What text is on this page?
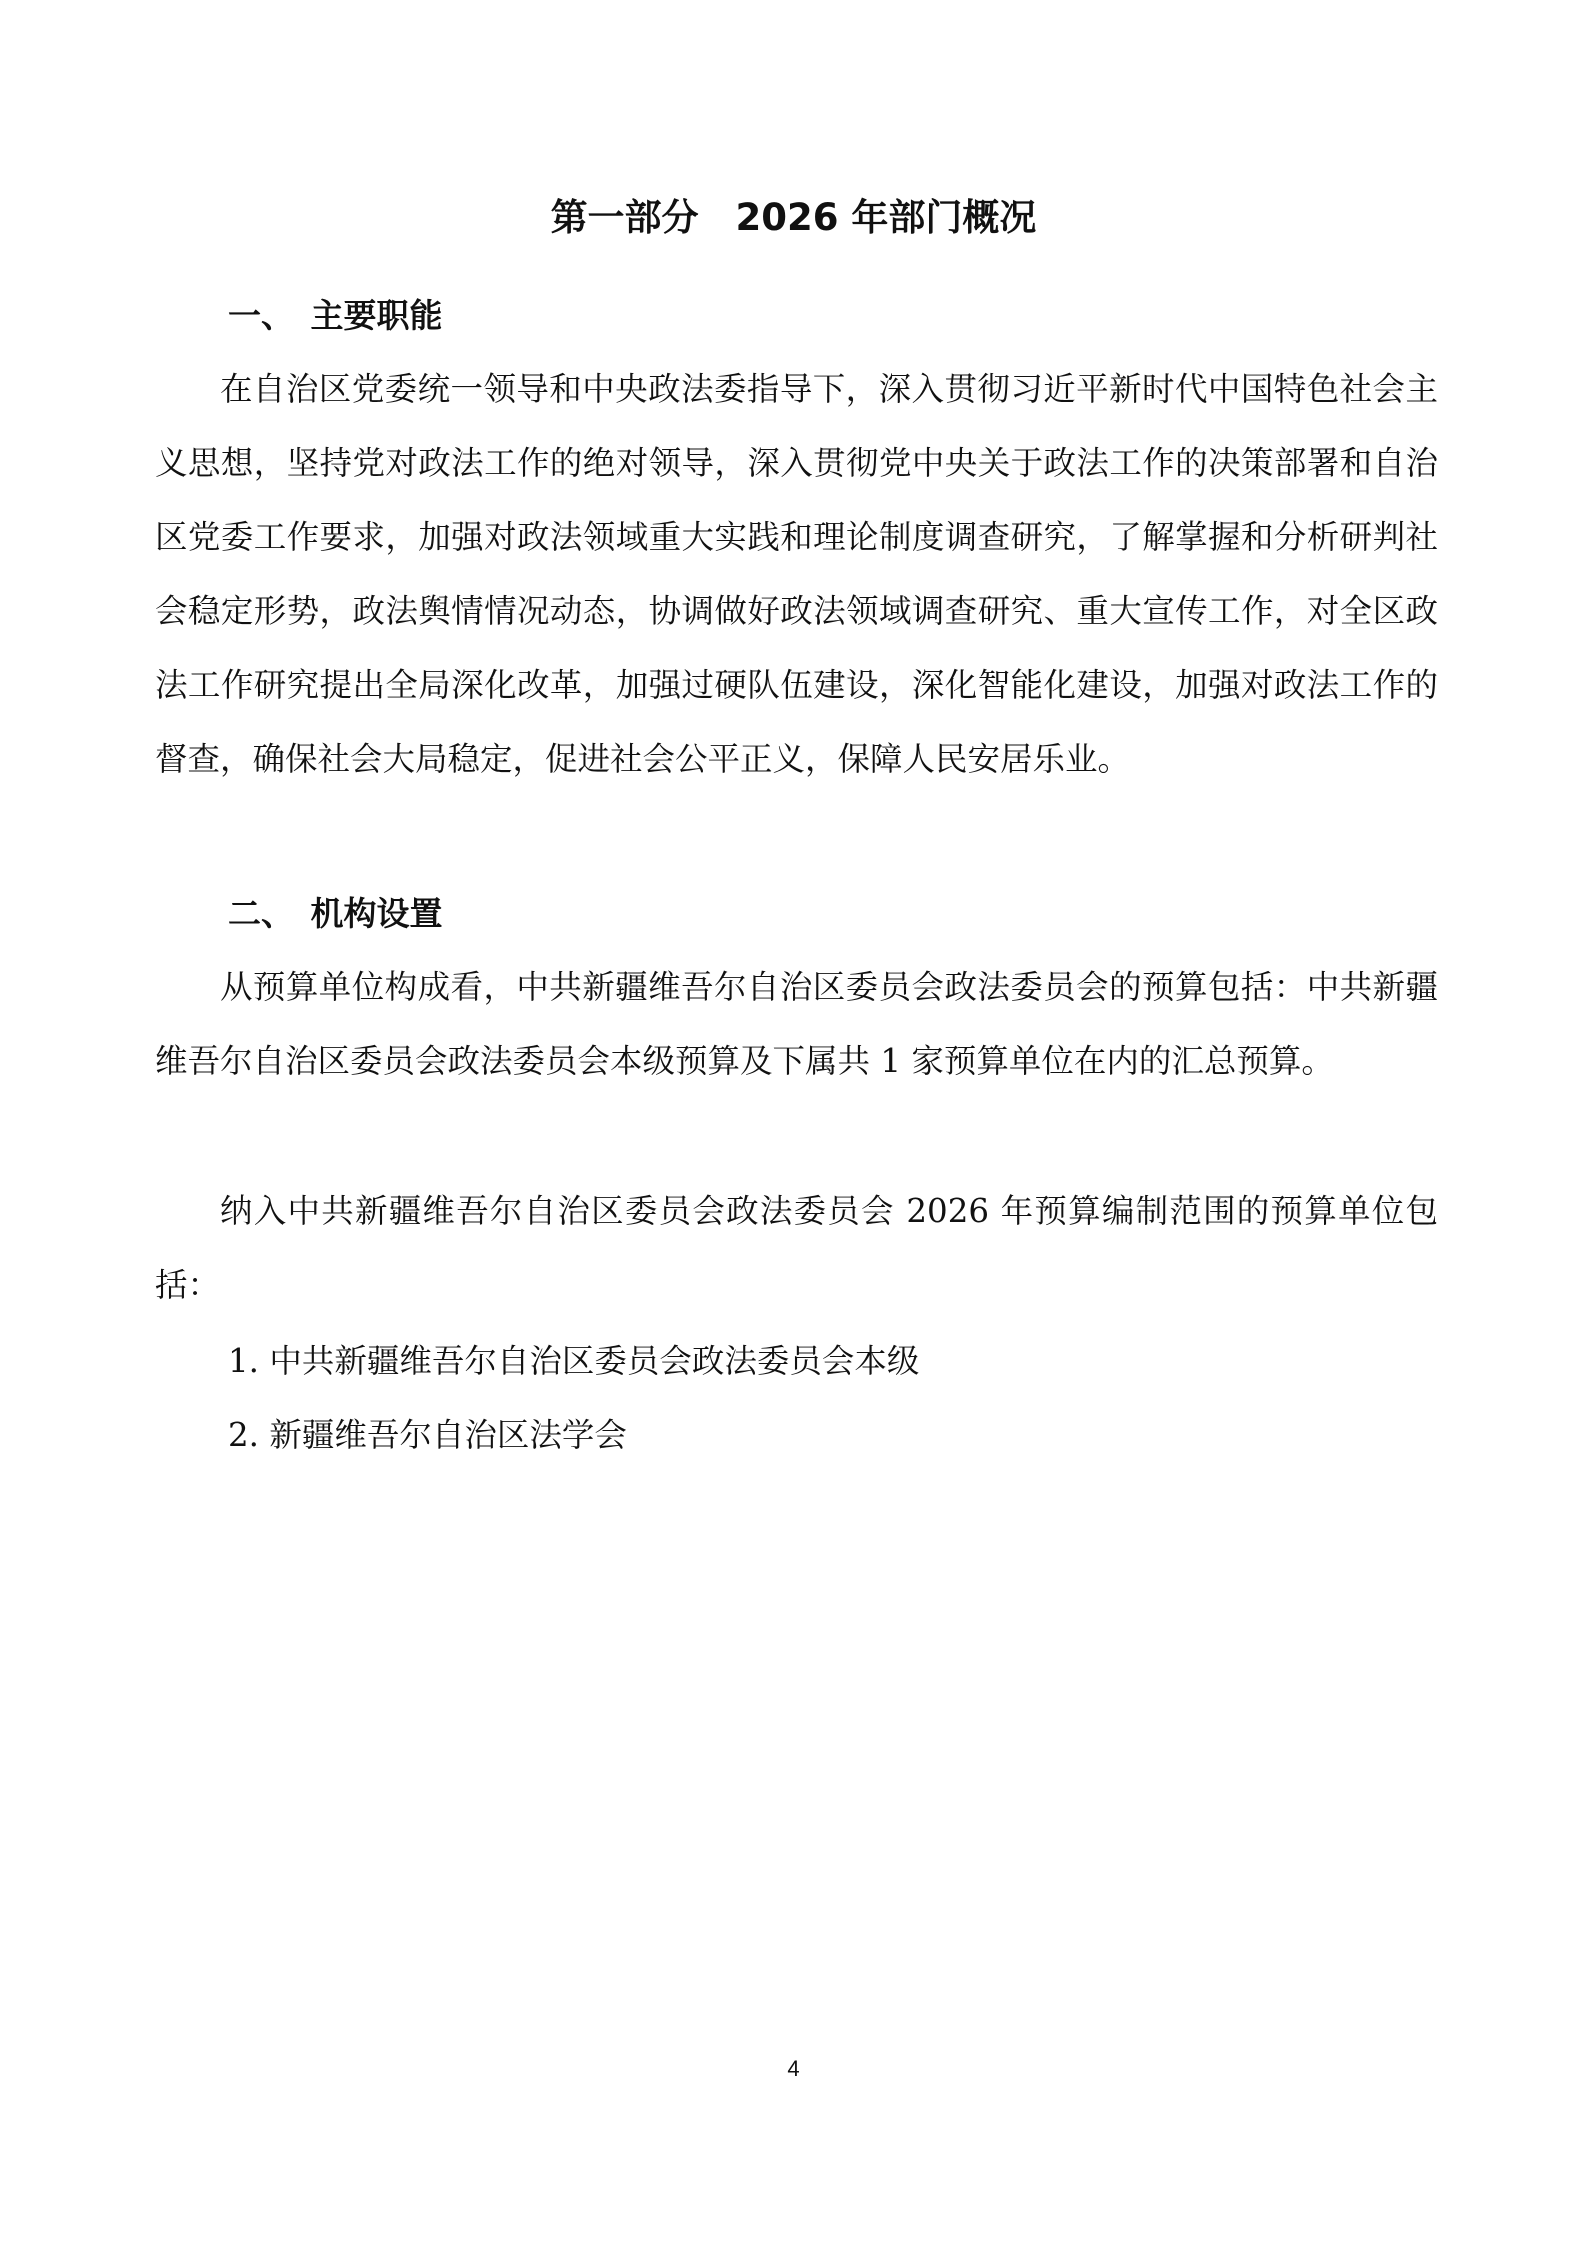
第一部分　2026 年部门概况
一、　主要职能

在自治区党委统一领导和中央政法委指导下，深入贯彻习近平新时代中国特色社会主义思想，坚持党对政法工作的绝对领导，深入贯彻党中央关于政法工作的决策部署和自治区党委工作要求，加强对政法领域重大实践和理论制度调查研究，了解掌握和分析研判社会稳定形势，政法舆情情况动态，协调做好政法领域调查研究、重大宣传工作，对全区政法工作研究提出全局深化改革，加强过硬队伍建设，深化智能化建设，加强对政法工作的督查，确保社会大局稳定，促进社会公平正义，保障人民安居乐业。

二、　机构设置

从预算单位构成看，中共新疆维吾尔自治区委员会政法委员会的预算包括：中共新疆维吾尔自治区委员会政法委员会本级预算及下属共 1 家预算单位在内的汇总预算。

纳入中共新疆维吾尔自治区委员会政法委员会 2026 年预算编制范围的预算单位包括：

1. 中共新疆维吾尔自治区委员会政法委员会本级
2. 新疆维吾尔自治区法学会
4
